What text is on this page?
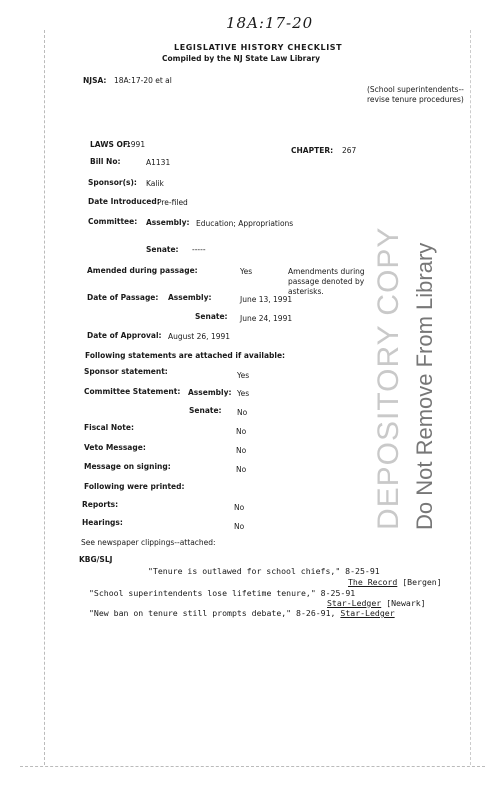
18A:17-20
LEGISLATIVE HISTORY CHECKLIST
Compiled by the NJ State Law Library
NJSA: 18A:17-20 et al
(School superintendents--revise tenure procedures)
LAWS OF:
1991
CHAPTER: 267
Bill No:	A1131
Sponsor(s): Kalik
Date Introduced:
Pre-filed
Committee: Assembly: Education; Appropriations
Senate: -----
Amended during passage:	Yes	Amendments during passage denoted by asterisks.
Date of Passage: Assembly:	June 13, 1991
Senate: June 24, 1991
Date of Approval: August 26, 1991
Following statements are attached if available:
Sponsor statement:	Yes
Committee Statement: Assembly: Yes
Senate: No
Fiscal Note:	No
Veto Message:	No
Message on signing:	No
Following were printed:
Reports:	No
Hearings:	No
See newspaper clippings--attached:
KBG/SLJ
"Tenure is outlawed for school chiefs," 8-25-91
The Record [Bergen]
"School superintendents lose lifetime tenure," 8-25-91
Star-Ledger [Newark]
"New ban on tenure still prompts debate," 8-26-91, Star-Ledger
DEPOSITORY COPY Do Not Remove From Library
